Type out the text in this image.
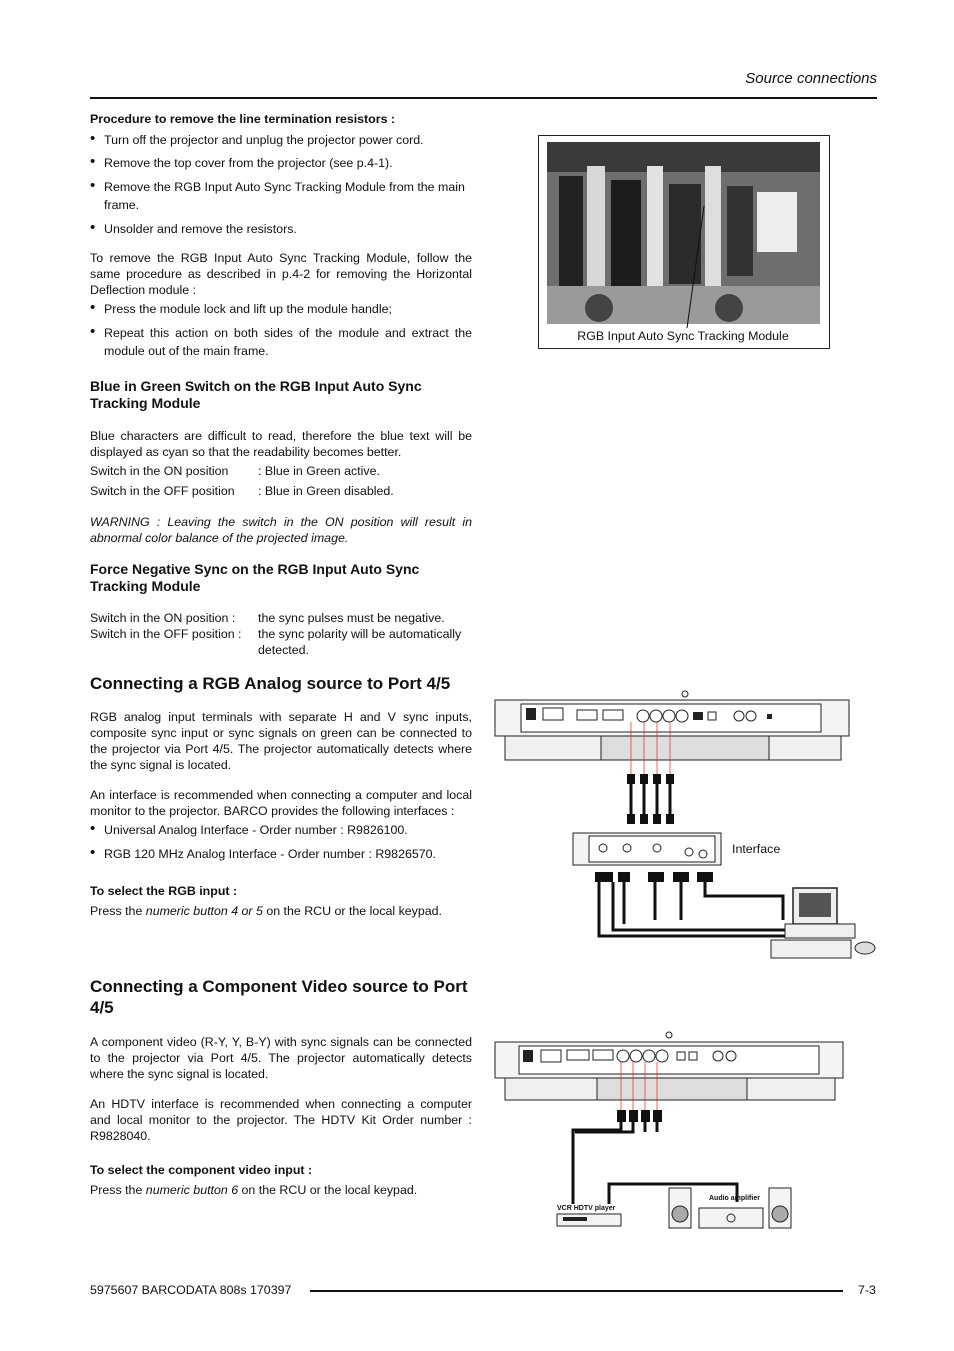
Source connections
Procedure to remove the line termination resistors :
• Turn off the projector and unplug the projector power cord.
• Remove the top cover from the projector (see p.4-1).
• Remove the RGB Input Auto Sync Tracking Module from the main frame.
• Unsolder and remove the resistors.
To remove the RGB Input Auto Sync Tracking Module, follow the same procedure as described in p.4-2 for removing the Horizontal Deflection module :
• Press the module lock and lift up the module handle;
• Repeat this action on both sides of the module and extract the module out of the main frame.
RGB Input Auto Sync Tracking Module
Blue in Green Switch on the RGB Input Auto Sync Tracking Module
Blue characters are difficult to read, therefore the blue text will be displayed as cyan so that the readability becomes better.
Switch in the ON position	: Blue in Green active.
Switch in the OFF position	: Blue in Green disabled.
WARNING : Leaving the switch in the ON position will result in abnormal color balance of the projected image.
Force Negative Sync on the RGB Input Auto Sync Tracking Module
Switch in the ON position :	the sync pulses must be negative.
Switch in the OFF position :	the sync polarity will be automatically detected.
Connecting a RGB Analog source to Port 4/5
RGB analog input terminals with separate H and V sync inputs, composite sync input or sync signals on green can be connected to the projector via Port 4/5. The projector automatically detects where the sync signal is located.
An interface is recommended when connecting a computer and local monitor to the projector. BARCO provides the following interfaces :
• Universal Analog Interface - Order number : R9826100.
• RGB 120 MHz Analog Interface - Order number : R9826570.
To select the RGB input :
Press the numeric button 4 or 5 on the RCU or the local keypad.
Interface
Connecting a Component Video source to Port 4/5
A component video (R-Y, Y, B-Y) with sync signals can be connected to the projector via Port 4/5. The projector automatically detects where the sync signal is located.
An HDTV interface is recommended when connecting a computer and local monitor to the projector. The HDTV Kit Order number : R9828040.
To select the component video input :
Press the numeric button 6 on the RCU or the local keypad.
VCR HDTV player
Audio amplifier
5975607 BARCODATA 808s 170397	7-3
